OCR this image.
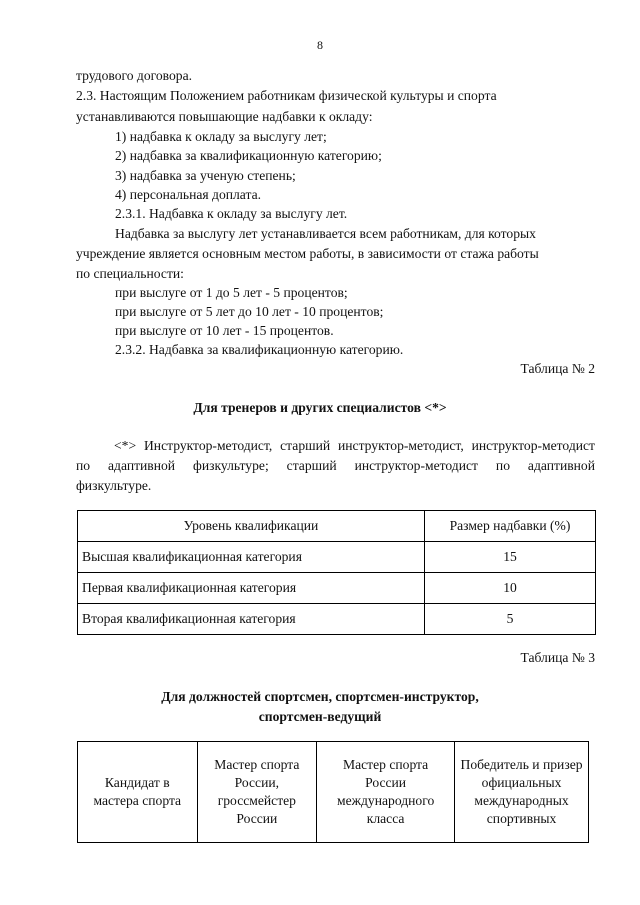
8
трудового договора.
2.3. Настоящим Положением работникам физической культуры и спорта
устанавливаются повышающие надбавки к окладу:
1) надбавка к окладу за выслугу лет;
2) надбавка за квалификационную категорию;
3) надбавка за ученую степень;
4) персональная доплата.
2.3.1. Надбавка к окладу за выслугу лет.
Надбавка за выслугу лет устанавливается всем работникам, для которых
учреждение является основным местом работы, в зависимости от стажа работы
по специальности:
при выслуге от 1 до 5 лет - 5 процентов;
при выслуге от 5 лет до 10 лет - 10 процентов;
при выслуге от 10 лет - 15 процентов.
2.3.2. Надбавка за квалификационную категорию.
Таблица № 2
Для тренеров и других специалистов <*>
<*> Инструктор-методист, старший инструктор-методист, инструктор-методист по адаптивной физкультуре; старший инструктор-методист по адаптивной физкультуре.
Уровень квалификации	Размер надбавки (%)
Высшая квалификационная категория	15
Первая квалификационная категория	10
Вторая квалификационная категория	5
Таблица № 3
Для должностей спортсмен, спортсмен-инструктор,
спортсмен-ведущий
Кандидат в мастера спорта	Мастер спорта России, гроссмейстер России	Мастер спорта России международного класса	Победитель и призер официальных международных спортивных
